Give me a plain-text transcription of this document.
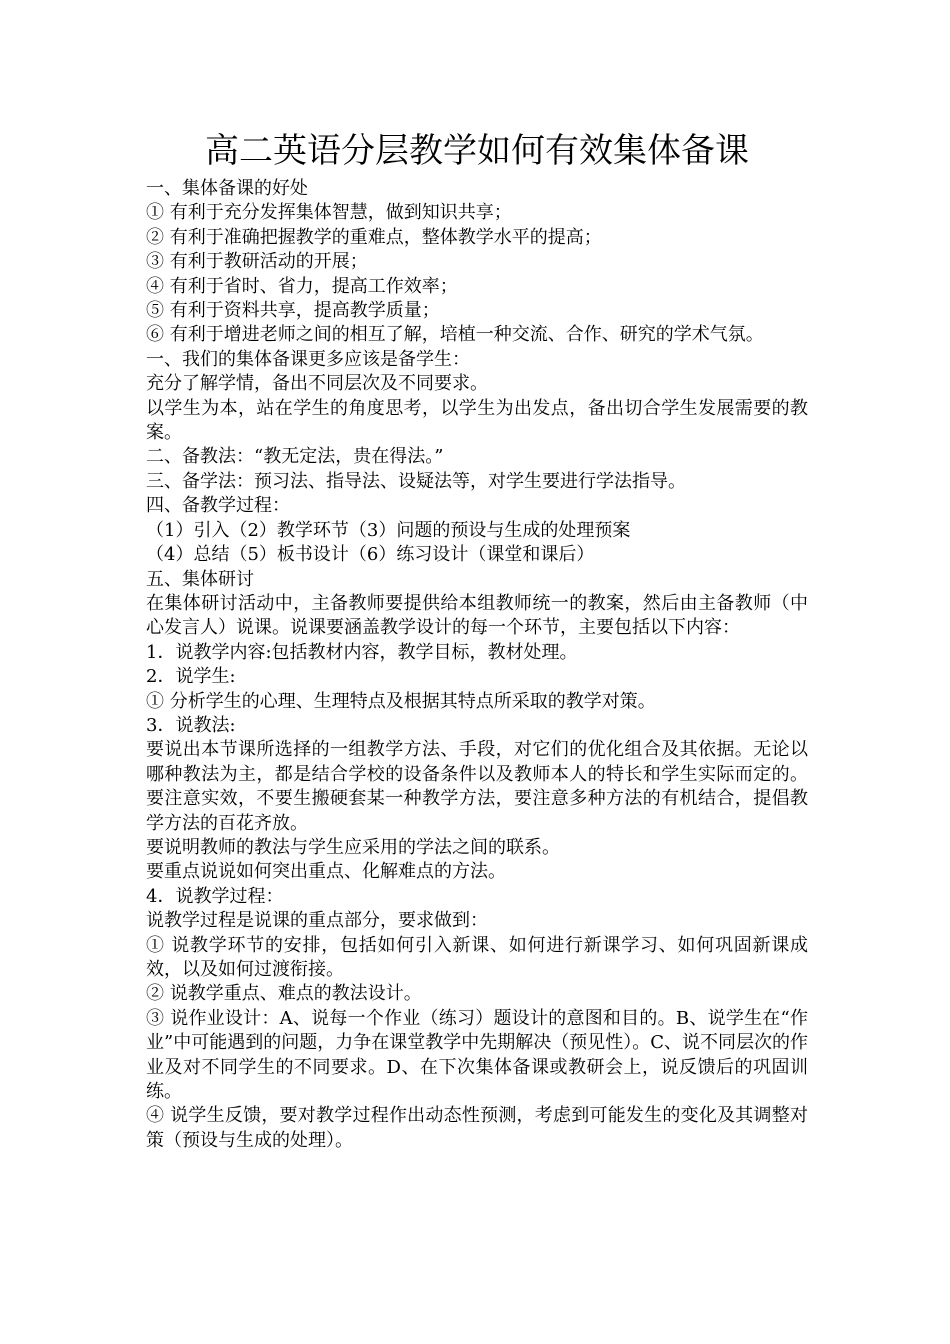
高二英语分层教学如何有效集体备课

一、集体备课的好处

① 有利于充分发挥集体智慧，做到知识共享；

② 有利于准确把握教学的重难点，整体教学水平的提高；

③ 有利于教研活动的开展；

④ 有利于省时、省力，提高工作效率；

⑤ 有利于资料共享，提高教学质量；

⑥ 有利于增进老师之间的相互了解，培植一种交流、合作、研究的学术气氛。

一、我们的集体备课更多应该是备学生：

充分了解学情，备出不同层次及不同要求。

以学生为本，站在学生的角度思考，以学生为出发点，备出切合学生发展需要的教案。

二、备教法：“教无定法，贵在得法。”

三、备学法：预习法、指导法、设疑法等，对学生要进行学法指导。

四、备教学过程：

（1）引入（2）教学环节（3）问题的预设与生成的处理预案

（4）总结（5）板书设计（6）练习设计（课堂和课后）

五、集体研讨

在集体研讨活动中，主备教师要提供给本组教师统一的教案，然后由主备教师（中心发言人）说课。说课要涵盖教学设计的每一个环节，主要包括以下内容：

1．说教学内容:包括教材内容，教学目标，教材处理。

2．说学生:

① 分析学生的心理、生理特点及根据其特点所采取的教学对策。

3．说教法:

要说出本节课所选择的一组教学方法、手段，对它们的优化组合及其依据。无论以哪种教法为主，都是结合学校的设备条件以及教师本人的特长和学生实际而定的。要注意实效，不要生搬硬套某一种教学方法，要注意多种方法的有机结合，提倡教学方法的百花齐放。

要说明教师的教法与学生应采用的学法之间的联系。

要重点说说如何突出重点、化解难点的方法。

4．说教学过程：

说教学过程是说课的重点部分，要求做到：

① 说教学环节的安排，包括如何引入新课、如何进行新课学习、如何巩固新课成效，以及如何过渡衔接。

② 说教学重点、难点的教法设计。

③ 说作业设计：A、说每一个作业（练习）题设计的意图和目的。B、说学生在“作业”中可能遇到的问题，力争在课堂教学中先期解决（预见性）。C、说不同层次的作业及对不同学生的不同要求。D、在下次集体备课或教研会上，说反馈后的巩固训练。

④ 说学生反馈，要对教学过程作出动态性预测，考虑到可能发生的变化及其调整对策（预设与生成的处理）。
